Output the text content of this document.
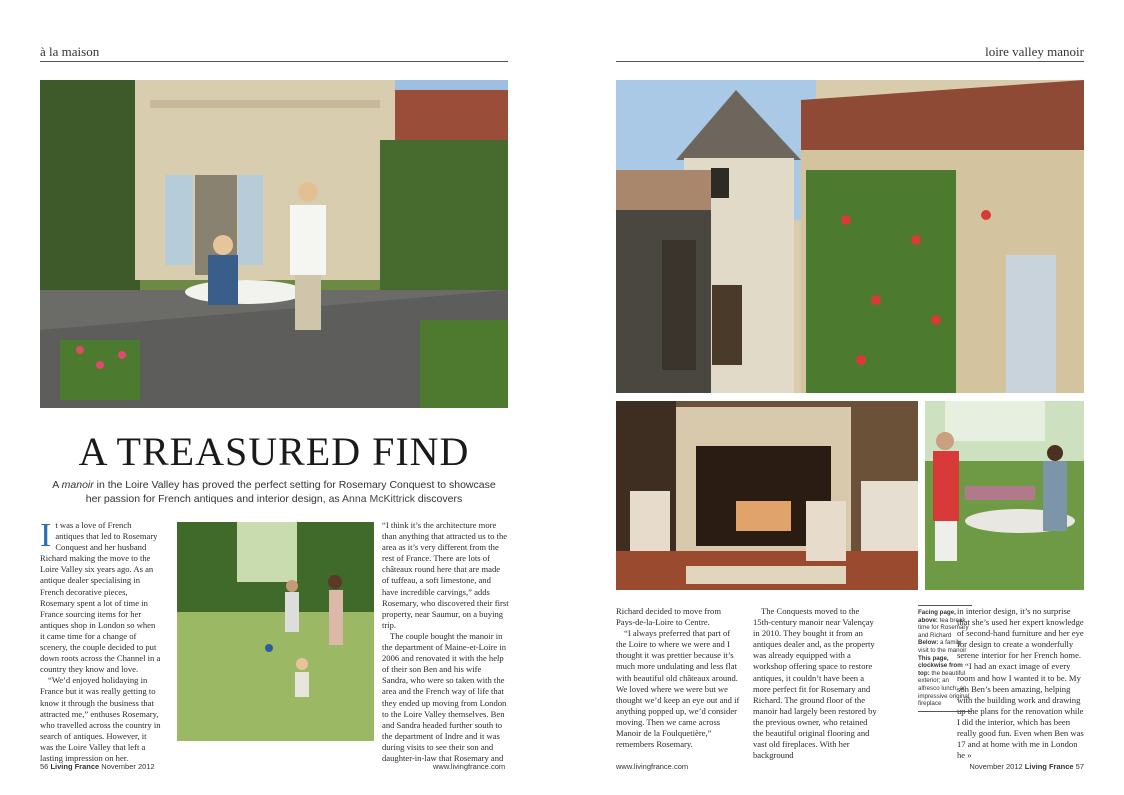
à la maison
A TREASURED FIND
A manoir in the Loire Valley has proved the perfect setting for Rosemary Conquest to showcase her passion for French antiques and interior design, as Anna McKittrick discovers

It was a love of French antiques that led to Rosemary Conquest and her husband Richard making the move to the Loire Valley six years ago. As an antique dealer specialising in French decorative pieces, Rosemary spent a lot of time in France sourcing items for her antiques shop in London so when it came time for a change of scenery, the couple decided to put down roots across the Channel in a country they know and love.

“We’d enjoyed holidaying in France but it was really getting to know it through the business that attracted me,” enthuses Rosemary, who travelled across the country in search of antiques. However, it was the Loire Valley that left a lasting impression on her.

“I think it’s the architecture more than anything that attracted us to the area as it’s very different from the rest of France. There are lots of châteaux round here that are made of tuffeau, a soft limestone, and have incredible carvings,” adds Rosemary, who discovered their first property, near Saumur, on a buying trip.

The couple bought the manoir in the department of Maine-et-Loire in 2006 and renovated it with the help of their son Ben and his wife Sandra, who were so taken with the area and the French way of life that they ended up moving from London to the Loire Valley themselves. Ben and Sandra headed further south to the department of Indre and it was during visits to see their son and daughter-in-law that Rosemary and

56 Living France November 2012	www.livingfrance.com
loire valley manoir

Richard decided to move from Pays-de-la-Loire to Centre.

“I always preferred that part of the Loire to where we were and I thought it was prettier because it’s much more undulating and less flat with beautiful old châteaux around. We loved where we were but we thought we’d keep an eye out and if anything popped up, we’d consider moving. Then we came across Manoir de la Foulquetière,” remembers Rosemary.

The Conquests moved to the 15th-century manoir near Valençay in 2010. They bought it from an antiques dealer and, as the property was already equipped with a workshop offering space to restore antiques, it couldn’t have been a more perfect fit for Rosemary and Richard. The ground floor of the manoir had largely been restored by the previous owner, who retained the beautiful original flooring and vast old fireplaces. With her background

in interior design, it’s no surprise that she’s used her expert knowledge of second-hand furniture and her eye for design to create a wonderfully serene interior for her French home.

“I had an exact image of every room and how I wanted it to be. My son Ben’s been amazing, helping with the building work and drawing up the plans for the renovation while I did the interior, which has been really good fun. Even when Ben was 17 and at home with me in London he »

www.livingfrance.com	November 2012 Living France 57
Facing page, above: tea break time for Rosemary and Richard
Below: a family visit to the manoir
This page, clockwise from top: the beautiful exterior; an alfresco lunch; an impressive original fireplace
